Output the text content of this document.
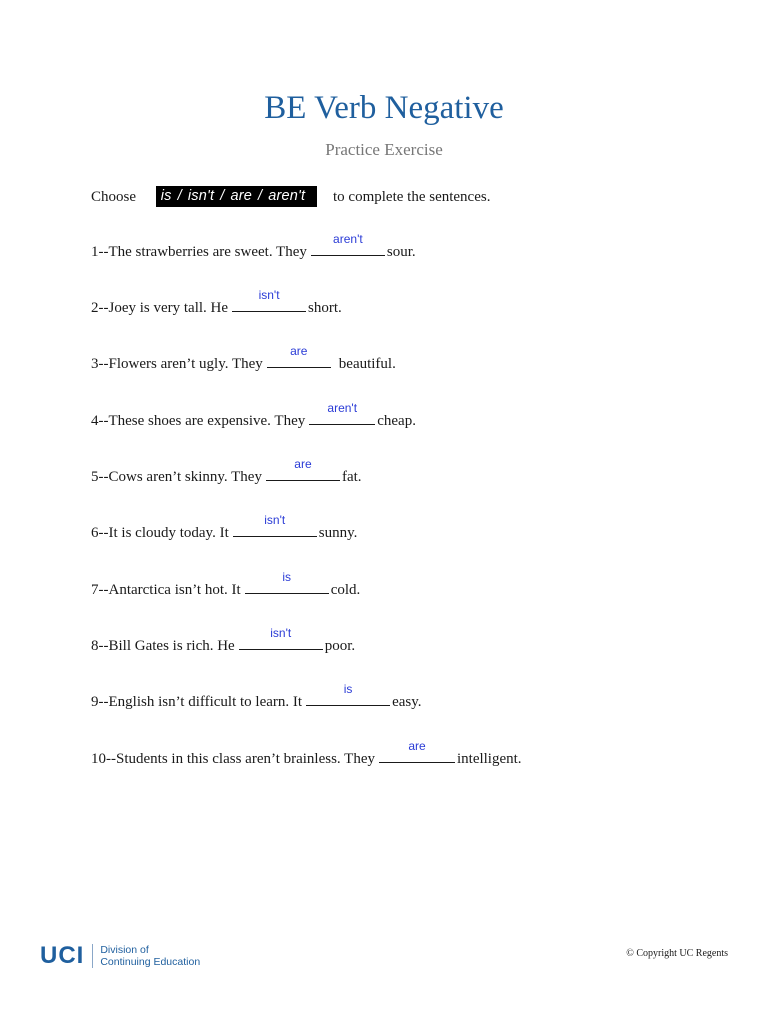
BE Verb Negative
Practice Exercise
Choose is / isn't / are / aren't to complete the sentences.
1--The strawberries are sweet. They
aren't
sour.
2--Joey is very tall. He
isn't
short.
3--Flowers aren’t ugly. They
are
beautiful.
4--These shoes are expensive. They
aren't
cheap.
5--Cows aren’t skinny. They
are
fat.
6--It is cloudy today. It
isn't
sunny.
7--Antarctica isn’t hot. It
is
cold.
8--Bill Gates is rich. He
isn't
poor.
9--English isn’t difficult to learn. It
is
easy.
10--Students in this class aren’t brainless. They
are
intelligent.
UCI	Division of
Continuing Education
© Copyright UC Regents
